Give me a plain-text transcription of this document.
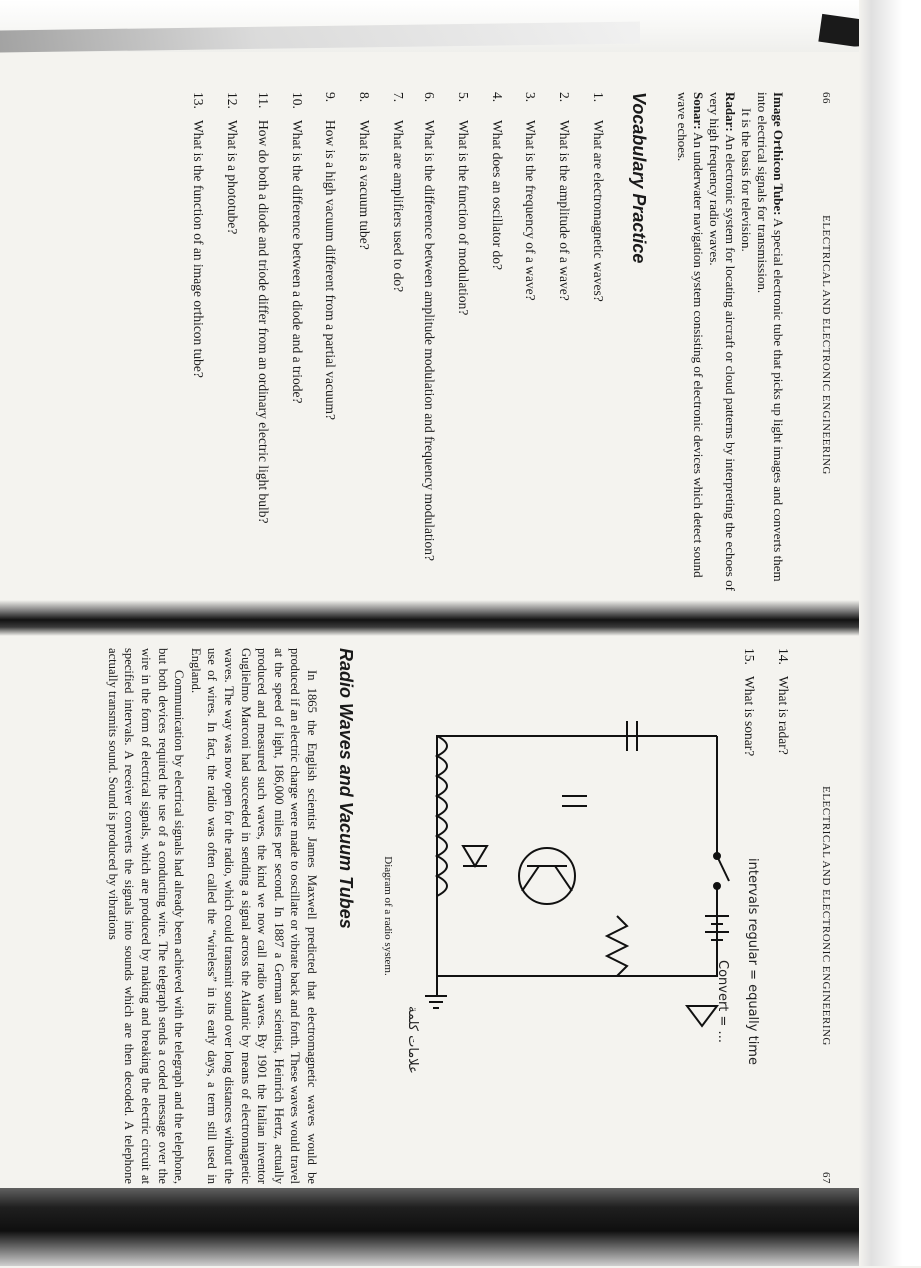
66
ELECTRICAL AND ELECTRONIC ENGINEERING
Image Orthicon Tube: A special electronic tube that picks up light images and converts them into electrical signals for transmission.
It is the basis for television.
Radar: An electronic system for locating aircraft or cloud patterns by interpreting the echoes of very high frequency radio waves.
Sonar: An underwater navigation system consisting of electronic devices which detect sound wave echoes.
Vocabulary Practice
1.
What are electromagnetic waves?
2.
What is the amplitude of a wave?
3.
What is the frequency of a wave?
4.
What does an oscillator do?
5.
What is the function of modulation?
6.
What is the difference between amplitude modulation and frequency modulation?
7.
What are amplifiers used to do?
8.
What is a vacuum tube?
9.
How is a high vacuum different from a partial vacuum?
10.
What is the difference between a diode and a triode?
11.
How do both a diode and triode differ from an ordinary electric light bulb?
12.
What is a phototube?
13.
What is the function of an image orthicon tube?
ELECTRICAL AND ELECTRONIC ENGINEERING
67
14.
What is radar?
15.
What is sonar?
Diagram of a radio system.
Radio Waves and Vacuum Tubes

In 1865 the English scientist James Maxwell predicted that electromagnetic waves would be produced if an electric charge were made to oscillate or vibrate back and forth. These waves would travel at the speed of light, 186,000 miles per second. In 1887 a German scientist, Heinrich Hertz, actually produced and measured such waves, the kind we now call radio waves. By 1901 the Italian inventor Guglielmo Marconi had succeeded in sending a signal across the Atlantic by means of electromagnetic waves. The way was now open for the radio, which could transmit sound over long distances without the use of wires. In fact, the radio was often called the “wireless” in its early days, a term still used in England.

Communication by electrical signals had already been achieved with the telegraph and the telephone, but both devices required the use of a conducting wire. The telegraph sends a coded message over the wire in the form of electrical signals, which are produced by making and breaking the electric circuit at specified intervals. A receiver converts the signals into sounds which are then decoded. A telephone actually transmits sound. Sound is produced by vibrations

intervals regular = equally time
Convert = ...
علامات كلمة
